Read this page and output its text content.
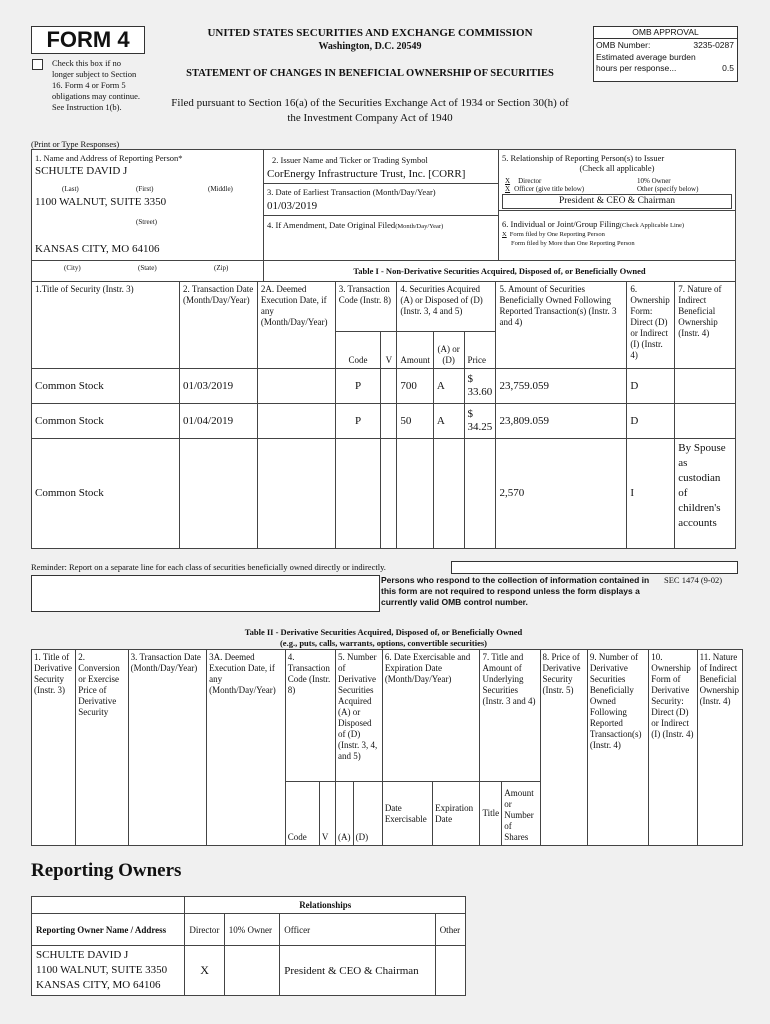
FORM 4
Check this box if no longer subject to Section 16. Form 4 or Form 5 obligations may continue. See Instruction 1(b).
UNITED STATES SECURITIES AND EXCHANGE COMMISSION
Washington, D.C. 20549
STATEMENT OF CHANGES IN BENEFICIAL OWNERSHIP OF SECURITIES
Filed pursuant to Section 16(a) of the Securities Exchange Act of 1934 or Section 30(h) of
the Investment Company Act of 1940
OMB APPROVAL
OMB Number:	3235-0287
Estimated average burden
hours per response...	0.5
(Print or Type Responses)
1. Name and Address of Reporting Person*
SCHULTE DAVID J
(Last)	(First)	(Middle)
1100 WALNUT, SUITE 3350
(Street)
KANSAS CITY, MO 64106
(City)	(State)	(Zip)
2. Issuer Name and Ticker or Trading Symbol
CorEnergy Infrastructure Trust, Inc. [CORR]
3. Date of Earliest Transaction (Month/Day/Year)
01/03/2019
4. If Amendment, Date Original Filed(Month/Day/Year)
5. Relationship of Reporting Person(s) to Issuer
(Check all applicable)
X Director	10% Owner
X Officer (give title below)	Other (specify below)
President & CEO & Chairman
6. Individual or Joint/Group Filing(Check Applicable Line)
X Form filed by One Reporting Person
Form filed by More than One Reporting Person
Table I - Non-Derivative Securities Acquired, Disposed of, or Beneficially Owned
1.Title of Security (Instr. 3)	2. Transaction Date (Month/Day/Year)	2A. Deemed Execution Date, if any (Month/Day/Year)	3. Transaction Code (Instr. 8)		4. Securities Acquired (A) or Disposed of (D) (Instr. 3, 4 and 5)			5. Amount of Securities Beneficially Owned Following Reported Transaction(s) (Instr. 3 and 4)	6. Ownership Form: Direct (D) or Indirect (I) (Instr. 4)	7. Nature of Indirect Beneficial Ownership (Instr. 4)
			Code	V	Amount	(A) or (D)	Price			
Common Stock	01/03/2019		P		700	A	$ 33.60	23,759.059	D	
Common Stock	01/04/2019		P		50	A	$ 34.25	23,809.059	D	
Common Stock								2,570	I	By Spouse as custodian of children's accounts
Reminder: Report on a separate line for each class of securities beneficially owned directly or indirectly.
Persons who respond to the collection of information contained in this form are not required to respond unless the form displays a currently valid OMB control number.
SEC 1474 (9-02)
Table II - Derivative Securities Acquired, Disposed of, or Beneficially Owned
(e.g., puts, calls, warrants, options, convertible securities)
1. Title of Derivative Security (Instr. 3)	2. Conversion or Exercise Price of Derivative Security	3. Transaction Date (Month/Day/Year)	3A. Deemed Execution Date, if any (Month/Day/Year)	4. Transaction Code (Instr. 8)		5. Number of Derivative Securities Acquired (A) or Disposed of (D) (Instr. 3, 4, and 5)		6. Date Exercisable and Expiration Date (Month/Day/Year)		7. Title and Amount of Underlying Securities (Instr. 3 and 4)		8. Price of Derivative Security (Instr. 5)	9. Number of Derivative Securities Beneficially Owned Following Reported Transaction(s) (Instr. 4)	10. Ownership Form of Derivative Security: Direct (D) or Indirect (I) (Instr. 4)	11. Nature of Indirect Beneficial Ownership (Instr. 4)
				Code	V	(A)	(D)	Date Exercisable	Expiration Date	Title	Amount or Number of Shares				
Reporting Owners
	Relationships			
Reporting Owner Name / Address	Director	10% Owner	Officer	Other

SCHULTE DAVID J
1100 WALNUT, SUITE 3350
KANSAS CITY, MO 64106	X		President & CEO & Chairman	
